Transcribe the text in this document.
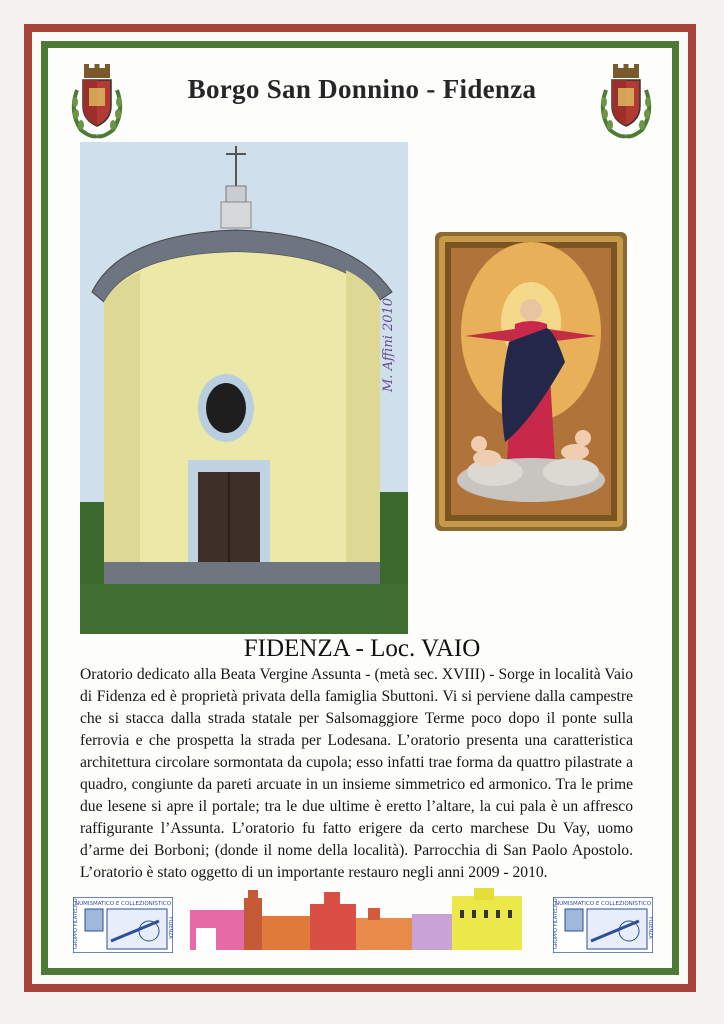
Borgo San Donnino - Fidenza
M. Affini 2010
FIDENZA - Loc. VAIO

Oratorio dedicato alla Beata Vergine Assunta - (metà sec. XVIII) - Sorge in località Vaio di Fidenza ed è proprietà privata della famiglia Sbuttoni. Vi si perviene dalla campestre che si stacca dalla strada statale per Salsomaggiore Terme poco dopo il ponte sulla ferrovia e che prospetta la strada per Lodesana. L’oratorio presenta una caratteristica architettura circolare sormontata da cupola; esso infatti trae forma da quattro pilastrate a quadro, congiunte da pareti arcuate in un insieme simmetrico ed armonico. Tra le prime due lesene si apre il portale; tra le due ultime è eretto l’altare, la cui pala è un affresco raffigurante l’Assunta. L’oratorio fu fatto erigere da certo marchese Du Vay, uomo d’arme dei Borboni; (donde il nome della località). Parrocchia di San Paolo Apostolo. L’oratorio è stato oggetto di un importante restauro negli anni 2009 - 2010.

NUMISMATICO E COLLEZIONISTICO
GRUPPO FILATELICO	FIDENZA
NUMISMATICO E COLLEZIONISTICO
GRUPPO FILATELICO	FIDENZA
